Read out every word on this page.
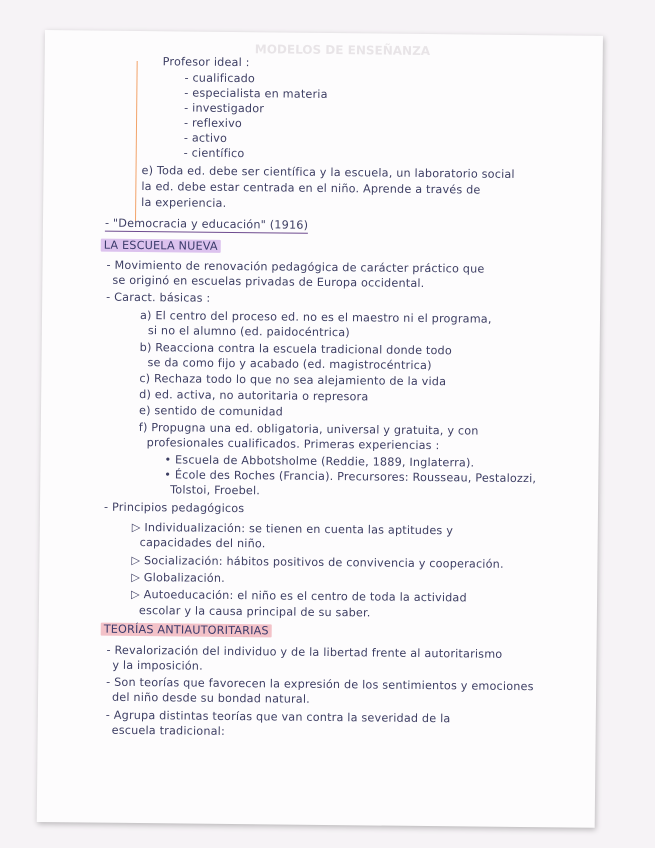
MODELOS DE ENSEÑANZA
Profesor ideal :
- cualificado
- especialista en materia
- investigador
- reflexivo
- activo
- científico
e) Toda ed. debe ser científica y la escuela, un laboratorio social
la ed. debe estar centrada en el niño. Aprende a través de
la experiencia.
- "Democracia y educación" (1916)
LA ESCUELA NUEVA
- Movimiento de renovación pedagógica de carácter práctico que
se originó en escuelas privadas de Europa occidental.
- Caract. básicas :
a) El centro del proceso ed. no es el maestro ni el programa,
si no el alumno (ed. paidocéntrica)
b) Reacciona contra la escuela tradicional donde todo
se da como fijo y acabado (ed. magistrocéntrica)
c) Rechaza todo lo que no sea alejamiento de la vida
d) ed. activa, no autoritaria o represora
e) sentido de comunidad
f) Propugna una ed. obligatoria, universal y gratuita, y con
profesionales cualificados. Primeras experiencias :
• Escuela de Abbotsholme (Reddie, 1889, Inglaterra).
• École des Roches (Francia). Precursores: Rousseau, Pestalozzi,
Tolstoi, Froebel.
- Principios pedagógicos
▷ Individualización: se tienen en cuenta las aptitudes y
capacidades del niño.
▷ Socialización: hábitos positivos de convivencia y cooperación.
▷ Globalización.
▷ Autoeducación: el niño es el centro de toda la actividad
escolar y la causa principal de su saber.
TEORÍAS ANTIAUTORITARIAS
- Revalorización del individuo y de la libertad frente al autoritarismo
y la imposición.
- Son teorías que favorecen la expresión de los sentimientos y emociones
del niño desde su bondad natural.
- Agrupa distintas teorías que van contra la severidad de la
escuela tradicional:
